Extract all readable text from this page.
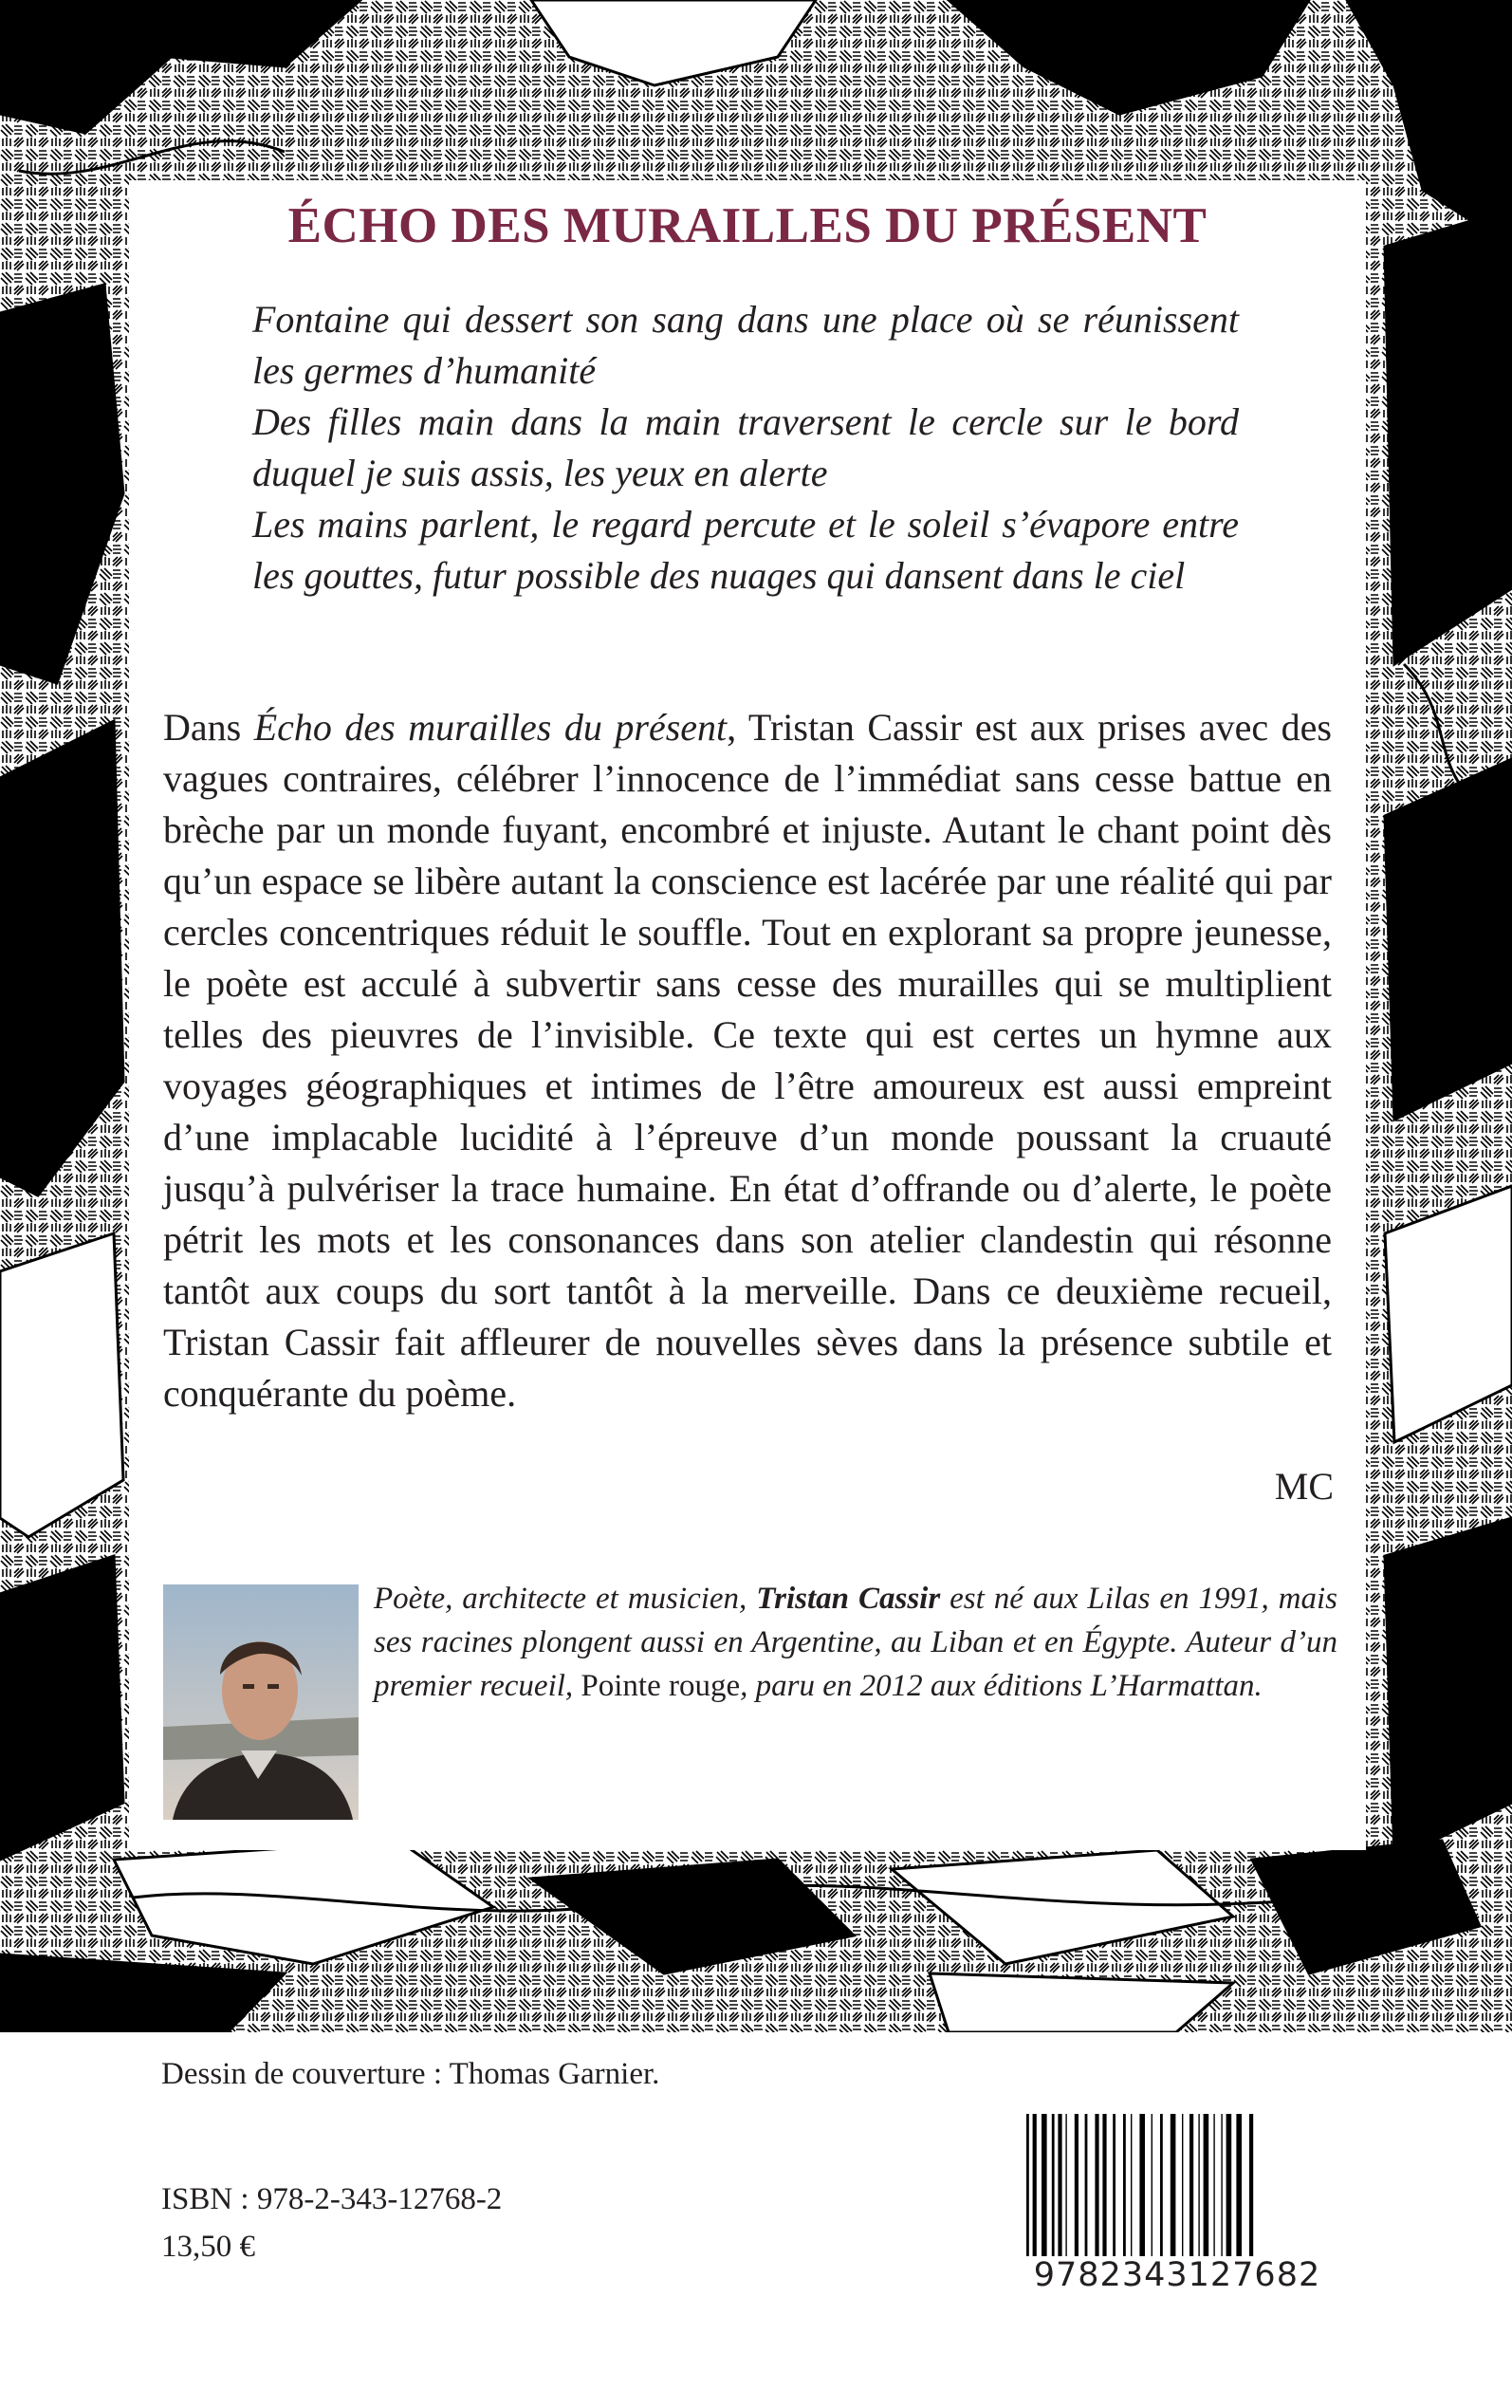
ÉCHO DES MURAILLES DU PRÉSENT

Fontaine qui dessert son sang dans une place où se réunissent les germes d’humanité

Des filles main dans la main traversent le cercle sur le bord duquel je suis assis, les yeux en alerte

Les mains parlent, le regard percute et le soleil s’évapore entre les gouttes, futur possible des nuages qui dansent dans le ciel

Dans Écho des murailles du présent, Tristan Cassir est aux prises avec des vagues contraires, célébrer l’innocence de l’immédiat sans cesse battue en brèche par un monde fuyant, encombré et injuste. Autant le chant point dès qu’un espace se libère autant la conscience est lacérée par une réalité qui par cercles concentriques réduit le souffle. Tout en explorant sa propre jeunesse, le poète est acculé à subvertir sans cesse des murailles qui se multiplient telles des pieuvres de l’invisible. Ce texte qui est certes un hymne aux voyages géographiques et intimes de l’être amoureux est aussi empreint d’une implacable lucidité à l’épreuve d’un monde poussant la cruauté jusqu’à pulvériser la trace humaine. En état d’offrande ou d’alerte, le poète pétrit les mots et les consonances dans son atelier clandestin qui résonne tantôt aux coups du sort tantôt à la merveille. Dans ce deuxième recueil, Tristan Cassir fait affleurer de nouvelles sèves dans la présence subtile et conquérante du poème.

MC
Poète, architecte et musicien, Tristan Cassir est né aux Lilas en 1991, mais ses racines plongent aussi en Argentine, au Liban et en Égypte. Auteur d’un premier recueil, Pointe rouge, paru en 2012 aux éditions L’Harmattan.
Dessin de couverture : Thomas Garnier.
ISBN : 978-2-343-12768-2
13,50 €
9782343127682
